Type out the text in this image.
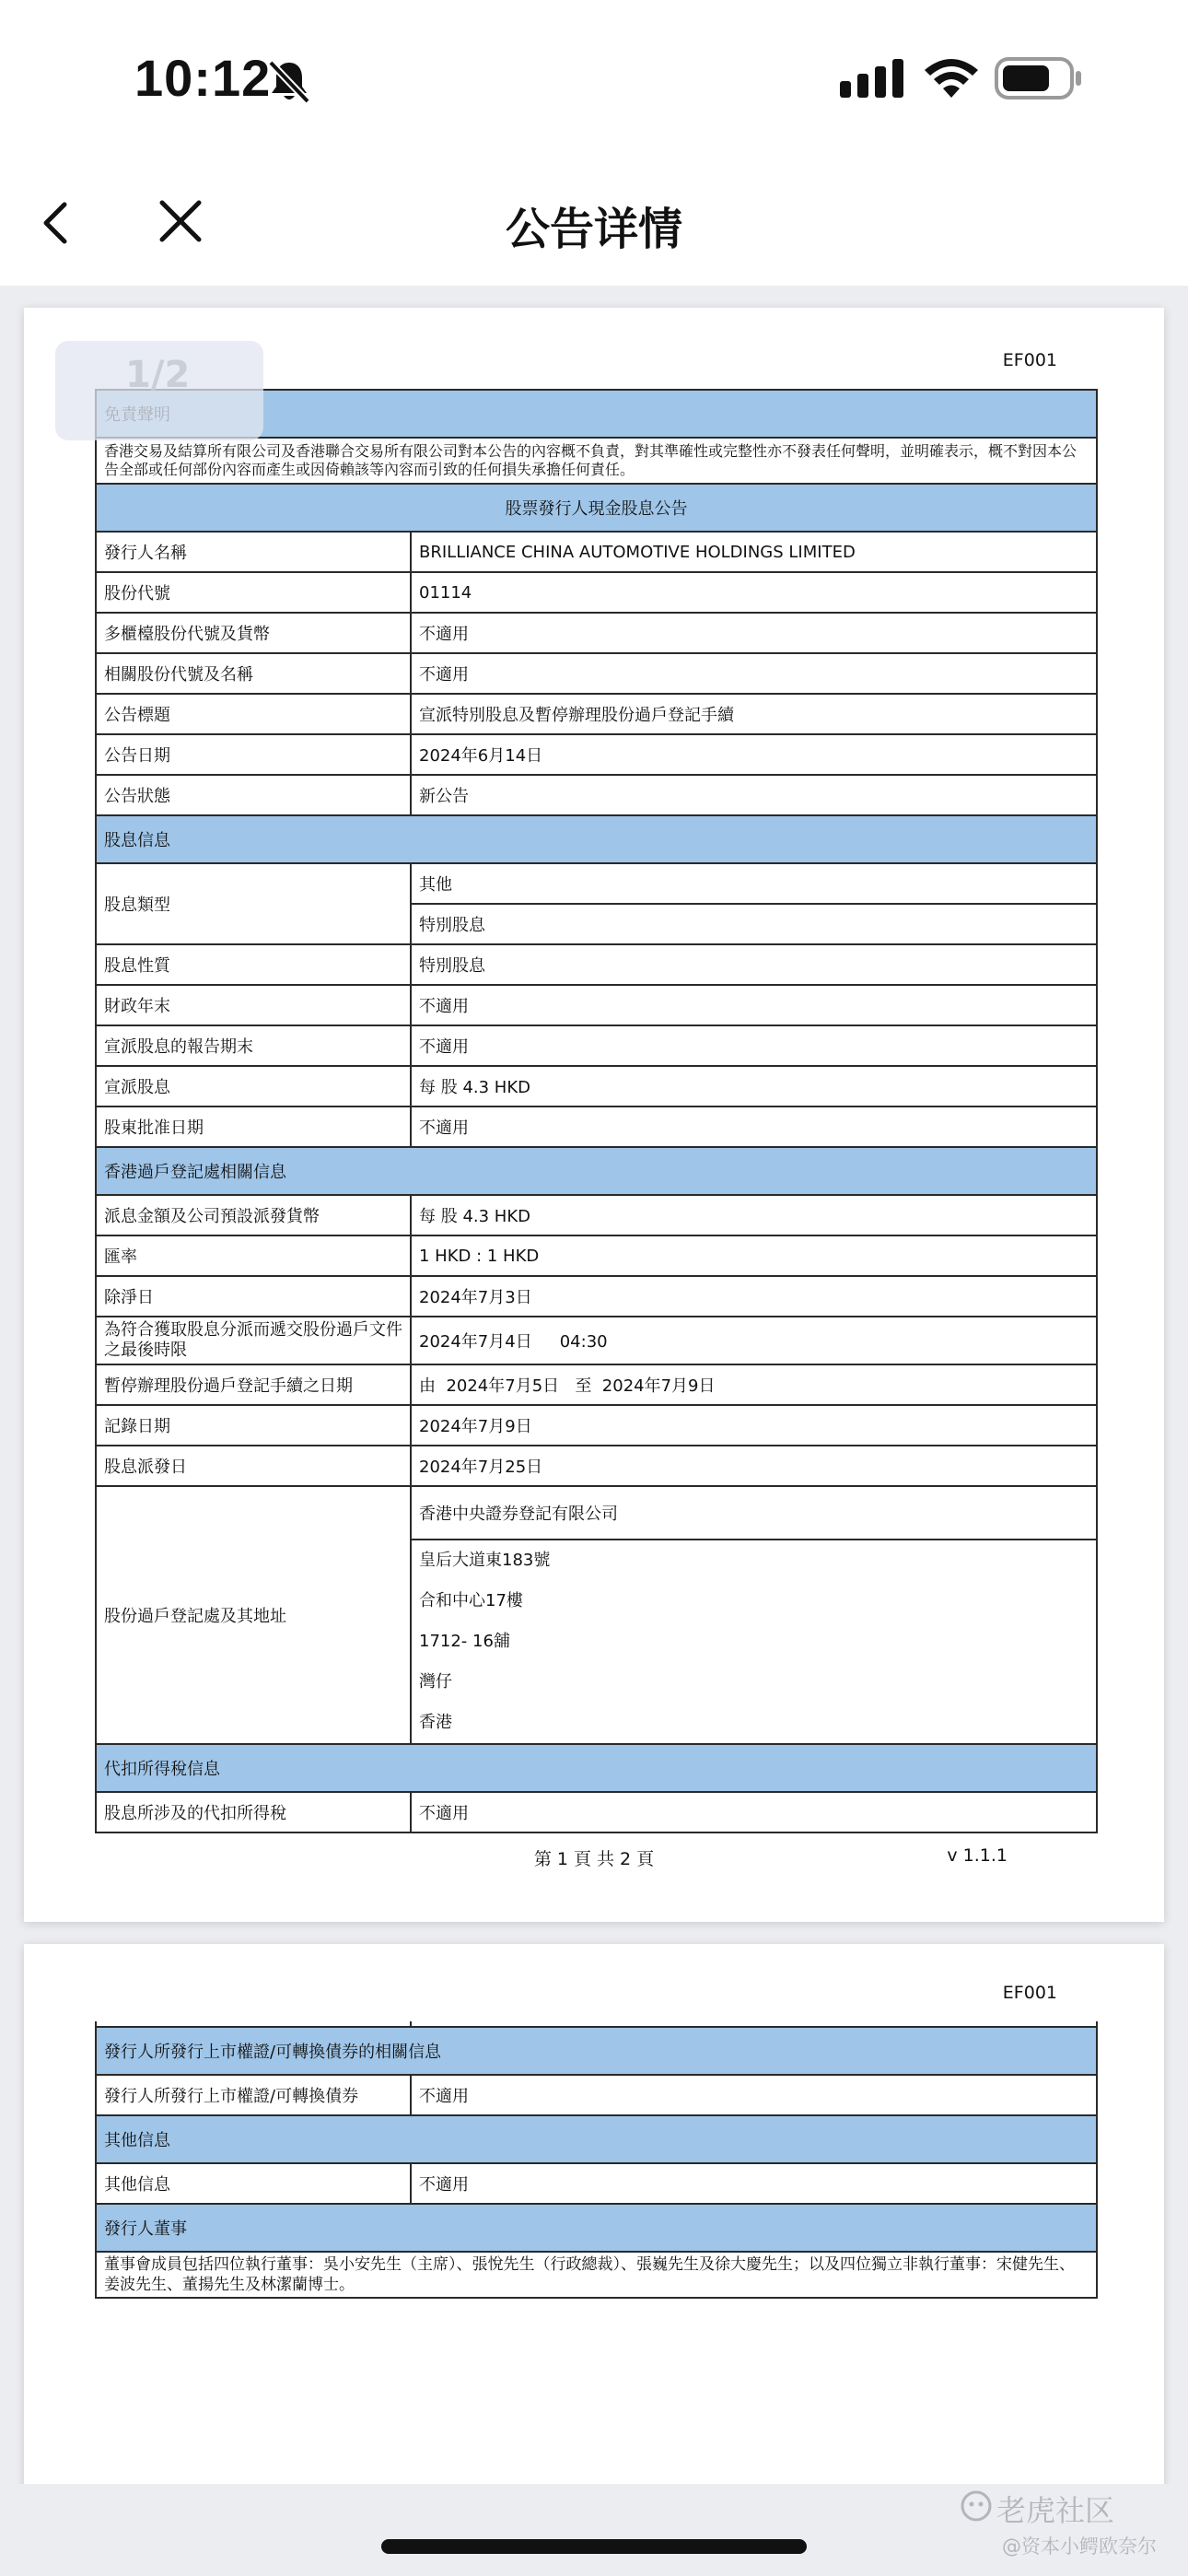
10:12
公告详情
EF001

香港交易及結算所有限公司及香港聯合交易所有限公司對本公告的內容概不負責，對其準確性或完整性亦不發表任何聲明，並明確表示，概不對因本公告全部或任何部份內容而產生或因倚賴該等內容而引致的任何損失承擔任何責任。	
股票發行人現金股息公告	
發行人名稱	BRILLIANCE CHINA AUTOMOTIVE HOLDINGS LIMITED
股份代號	01114
多櫃檯股份代號及貨幣	不適用
相關股份代號及名稱	不適用
公告標題	宣派特別股息及暫停辦理股份過戶登記手續
公告日期	2024年6月14日
公告狀態	新公告
股息信息	
股息類型	其他
	特別股息
股息性質	特別股息
財政年末	不適用
宣派股息的報告期末	不適用
宣派股息	每 股 4.3 HKD
股東批准日期	不適用
香港過戶登記處相關信息	
派息金額及公司預設派發貨幣	每 股 4.3 HKD
匯率	1 HKD : 1 HKD
除淨日	2024年7月3日
為符合獲取股息分派而遞交股份過戶文件之最後時限	2024年7月4日 04:30
暫停辦理股份過戶登記手續之日期	由 2024年7月5日 至 2024年7月9日
記錄日期	2024年7月9日
股息派發日	2024年7月25日
股份過戶登記處及其地址	香港中央證券登記有限公司

	皇后大道東183號
合和中心17樓
1712- 16舖
灣仔
香港

代扣所得稅信息	
股息所涉及的代扣所得稅	不適用
第 1 頁 共 2 頁	v 1.1.1
1/2
EF001

發行人所發行上市權證/可轉換債券的相關信息	
發行人所發行上市權證/可轉換債券	不適用
其他信息	
其他信息	不適用
發行人董事	
董事會成員包括四位執行董事：吳小安先生（主席）、張悅先生（行政總裁）、張巍先生及徐大慶先生；以及四位獨立非執行董事：宋健先生、姜波先生、董揚先生及林潔蘭博士。	
老虎社区
@资本小鳄欧奈尔
